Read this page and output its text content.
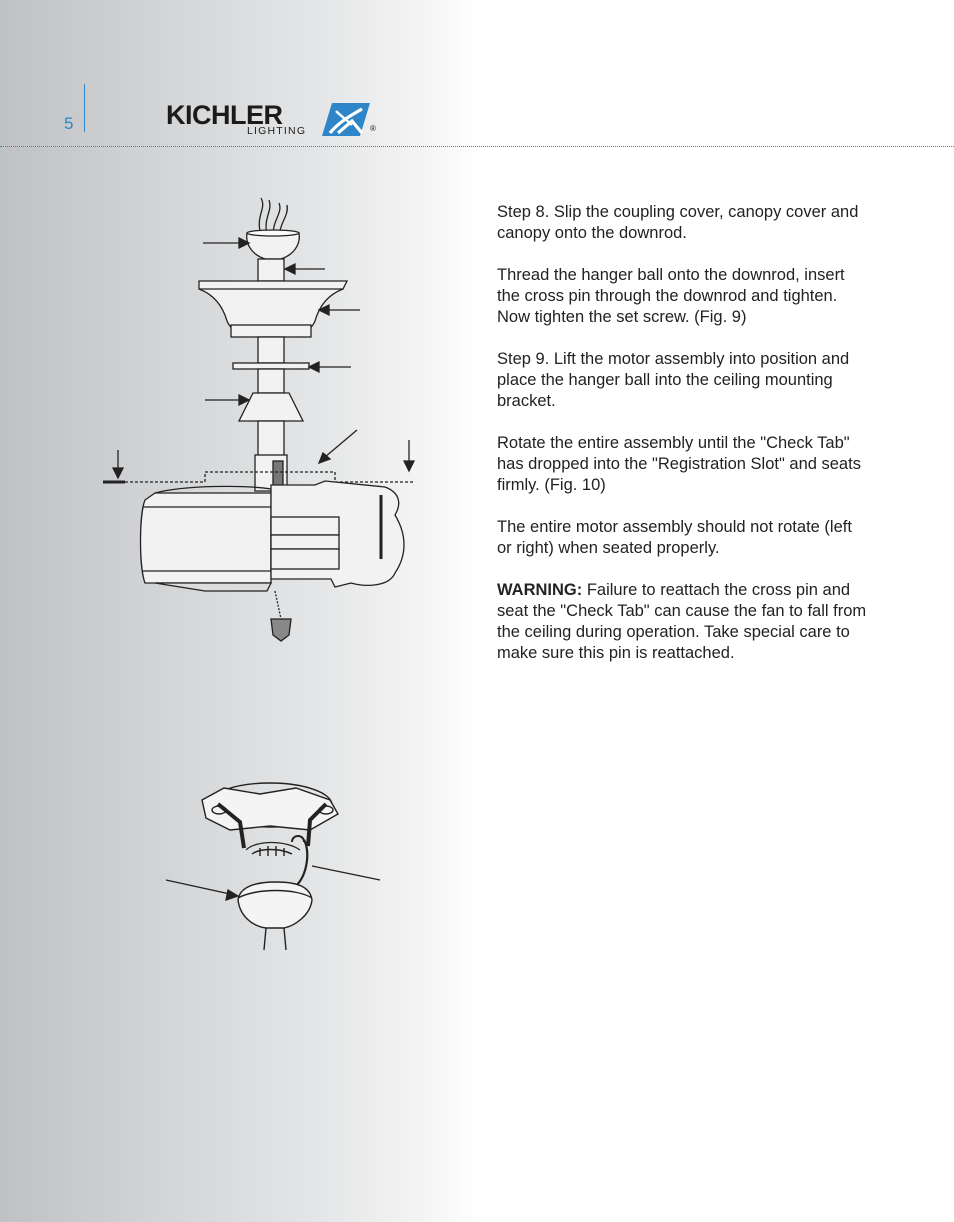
5	KICHLER
LIGHTING	®

Step 8. Slip the coupling cover, canopy cover and canopy onto the downrod.

Thread the hanger ball onto the downrod, insert the cross pin through the downrod and tighten. Now tighten the set screw. (Fig. 9)

Step 9. Lift the motor assembly into position and place the hanger ball into the ceiling mounting bracket.

Rotate the entire assembly until the "Check Tab" has dropped into the "Registration Slot" and seats firmly. (Fig. 10)

The entire motor assembly should not rotate (left or right) when seated properly.

WARNING: Failure to reattach the cross pin and seat the "Check Tab" can cause the fan to fall from the ceiling during operation. Take special care to make sure this pin is reattached.
